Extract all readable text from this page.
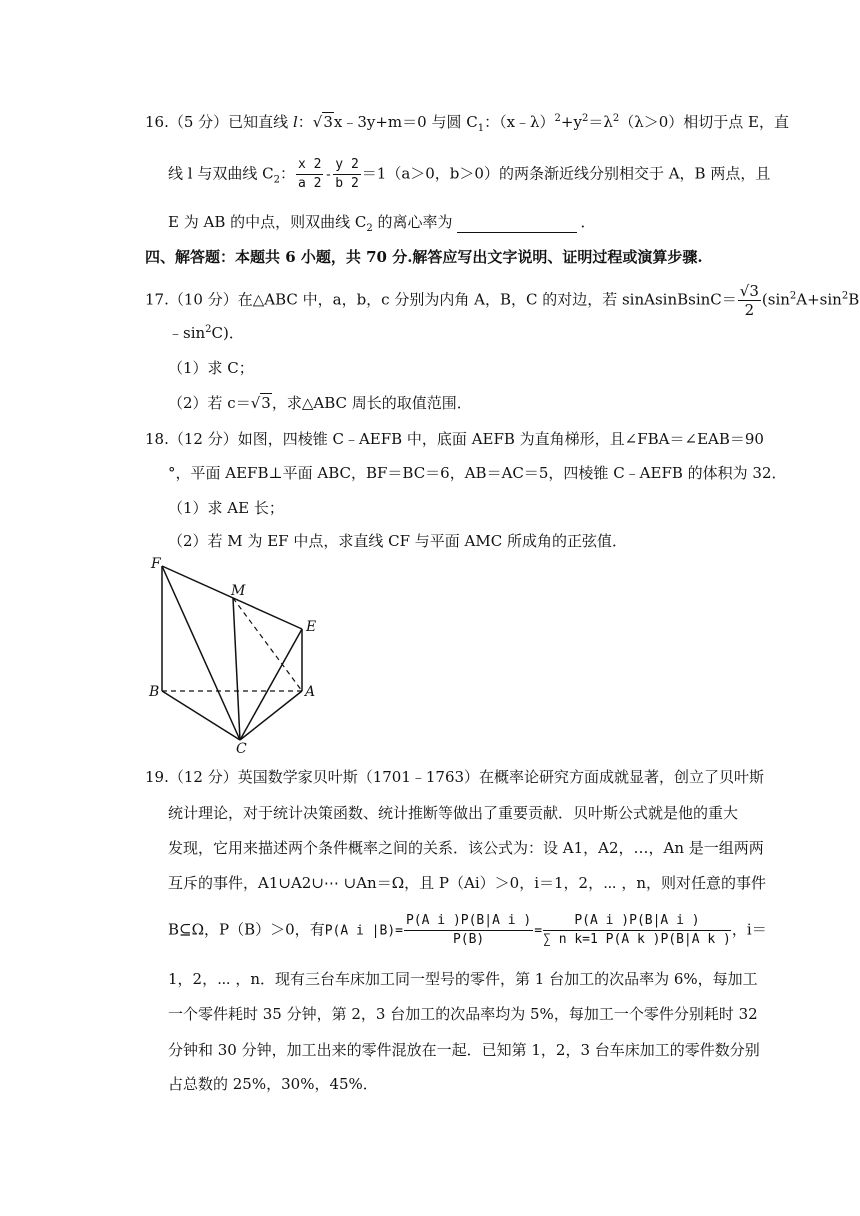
16.（5 分）已知直线 l：√3x﹣3y+m＝0 与圆 $C_1$：$(x﹣\lambda)^2+y^2=\lambda^2(\lambda>0)$相切于点 E，直
线 l 与双曲线 $C_2$： $\frac{x 2}{a 2} - \frac{y 2}{b 2} =1(a>0$，b＞0）的两条渐近线分别相交于 A，B 两点，且
E 为 AB 的中点，则双曲线 $C_2$ 的离心率为	．
四、解答题：本题共 6 小题，共 70 分.解答应写出文字说明、证明过程或演算步骤.
17.（10 分）在△ABC 中，a，b，c 分别为内角 A，B，C 的对边，若 sinAsinBsinC＝ $\frac{√3}{2} (\sin^2A+\sin^2B$
$﹣\sin^2C$)．
（1）求 C；
（2）若 c＝√3，求△ABC 周长的取值范围．
18.（12 分）如图，四棱锥 C﹣AEFB 中，底面 AEFB 为直角梯形，且∠FBA＝∠EAB＝90
°，平面 AEFB⊥平面 ABC，BF＝BC＝6，AB＝AC＝5，四棱锥 C﹣AEFB 的体积为 32．
（1）求 AE 长；
（2）若 M 为 EF 中点，求直线 CF 与平面 AMC 所成角的正弦值．
F
M
E
B	A
C
19.（12 分）英国数学家贝叶斯（1701﹣1763）在概率论研究方面成就显著，创立了贝叶斯
统计理论，对于统计决策函数、统计推断等做出了重要贡献．贝叶斯公式就是他的重大
发现，它用来描述两个条件概率之间的关系．该公式为：设 A1，A2，…，An 是一组两两
互斥的事件，A1∪A2∪⋯ ∪An＝Ω，且 P（Ai）＞0，i＝1，2，⋯ ，n，则对任意的事件
B⊆Ω，P（B）＞0，有P(A i $|B)= \frac{\text{P(A i )P(B|A i )}}{P(B)} = \frac{\text{P(A i )P(B|A i )}}{\text{∑ n k=1 P(A k )P(B|A k )}}$ ，i＝
1，2，⋯ ，n．现有三台车床加工同一型号的零件，第 1 台加工的次品率为 6%，每加工
一个零件耗时 35 分钟，第 2，3 台加工的次品率均为 5%，每加工一个零件分别耗时 32
分钟和 30 分钟，加工出来的零件混放在一起．已知第 1，2，3 台车床加工的零件数分别
占总数的 25%，30%，45%．
